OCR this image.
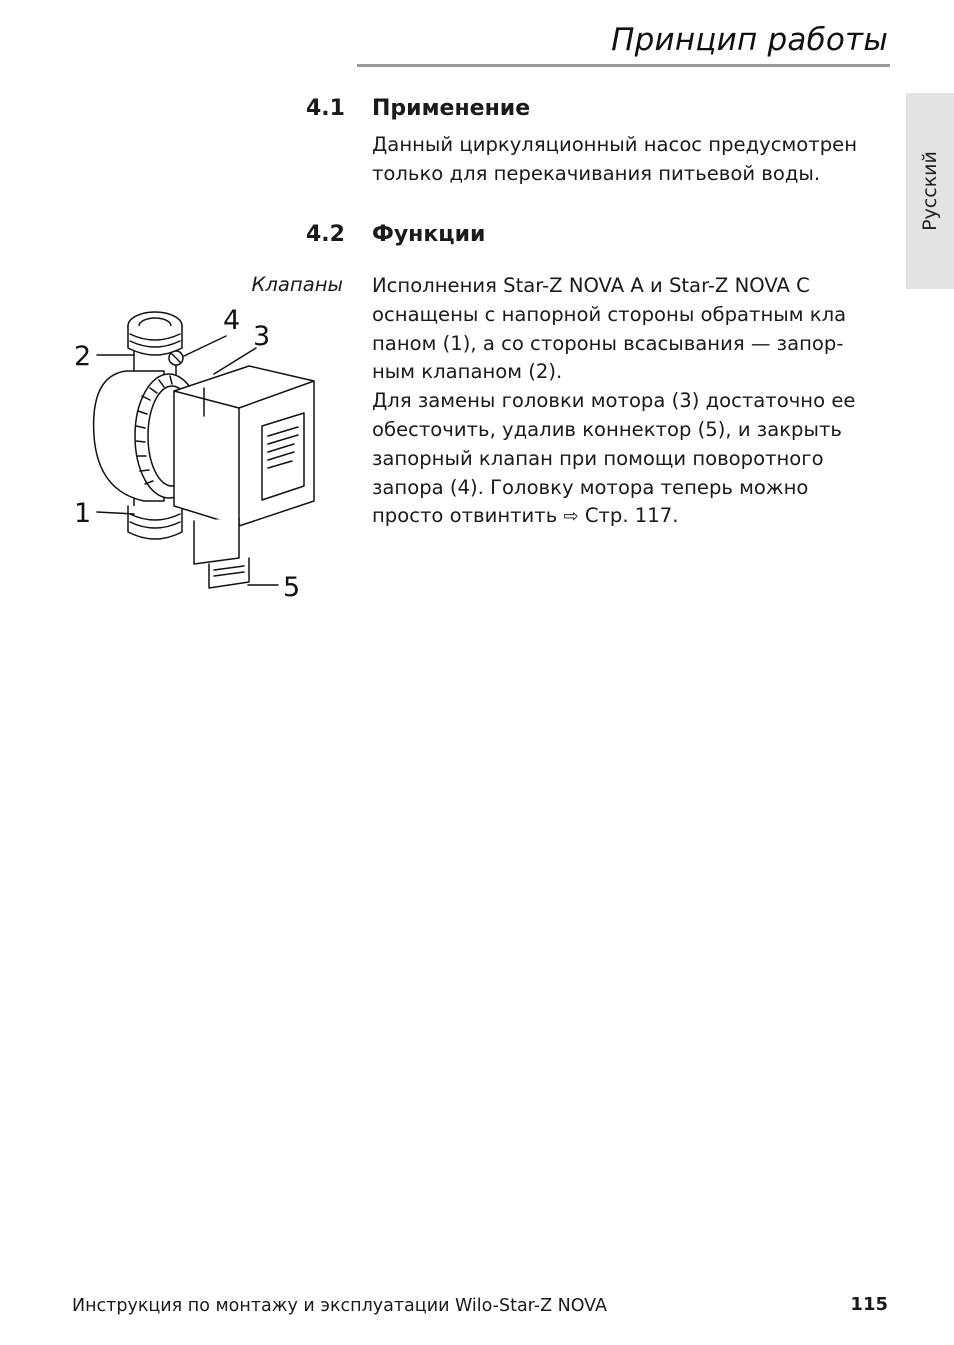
Принцип работы
Русский
4.1	Применение
Данный циркуляционный насос предусмотрен
только для перекачивания питьевой воды.
4.2	Функции
Клапаны Исполнения Star-Z NOVA A и Star-Z NOVA C
оснащены с напорной стороны обратным кла
паном (1), а со стороны всасывания — запор-
ным клапаном (2).
Для замены головки мотора (3) достаточно ее
обесточить, удалив коннектор (5), и закрыть
запорный клапан при помощи поворотного
запора (4). Головку мотора теперь можно
просто отвинтить ⇨ Стр. 117.
2
1
4
3
5
Инструкция по монтажу и эксплуатации Wilo-Star-Z NOVA	115
